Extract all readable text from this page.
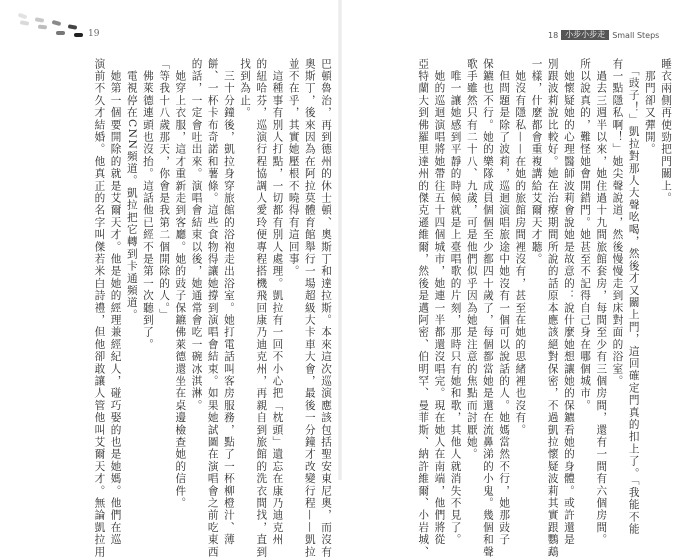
19
巴頓魯治，再到德州的休士頓、奧斯丁和達拉斯。本來這次巡演應該包括聖安東尼奧，而沒有
奧斯丁，後來因為在阿拉莫體育館舉行一場超級大卡車大會，最後一分鐘才改變行程——凱拉
並不在乎，其實她壓根不曉得有這回事。
　這種事有別人打點，一切都有別人處理。凱拉有一回不小心把「枕頭」遺忘在康乃迪克州
的紐哈芬，巡演行程協調人愛玲便專程搭機飛回康乃迪克州，再親自到旅館的洗衣間找，直到
找到為止。
　三十分鐘後，凱拉身穿旅館的浴袍走出浴室。她打電話叫客房服務，點了一杯柳橙汁、薄
餅、一杯卡布奇諾和薯條。這些食物得讓她撐到演唱會結束。如果她試圖在演唱會之前吃東西
的話，一定會吐出來。演唱會結束以後，她通常會吃一碗冰淇淋。
　她穿上衣服，這才重新走到客廳。她的豉子保鑣佛萊德還坐在桌邊檢查她的信件。
「等我十八歲那天，你會是我第二個開除的人。」
　佛萊德連頭也沒抬。這話他已經不是第一次聽到了。
　電視停在CNN頻道。凱拉把它轉到卡通頻道。
　她第一個要開除的就是艾爾天才。他是她的經理兼經紀人，碰巧娶的也是她媽。他們在巡
演前不久才結婚。他真正的名字叫傑若米白詩禮，但他卻敢讓人管他叫艾爾天才。無論凱拉用
18 小步小步走 Small Steps
睡衣兩側再使勁把門關上。
　那門卻又彈開。
　「豉子！」凱拉對那人大聲吆喝，然後才又關上門，這回確定門真的扣上了。「我能不能
有一點隱私啊！」她尖聲說道，然後慢慢走到床對面的浴室。
　過去三週半以來，她住過十九間旅館套房，每間至少有三個房間，還有一間有六個房間。
所以說真的，難怪她會開錯門。她甚至不記得自己身在哪個城市。
　她懷疑她的心理醫師波莉會說她是故意的：說什麼她想讓她的保鑣看她的身體。或許還是
別跟波莉說比較好。她在治療期間所說的話原本應該絕對保密，不過凱拉懷疑波莉其實跟鸚鵡
一樣，什麼都會重複講給艾爾天才聽。
　她沒有隱私——在她的旅館房間裡沒有，甚至在她的思緒裡也沒有。
　但問題是除了波莉，巡迴演唱旅途中她沒有一個可以說話的人。她媽當然不行，她那豉子
保鑣也不行。她的樂隊成員個個至少都四十歲了，每個都當她是還在流鼻涕的小鬼。幾個和聲
歌手雖然只有二十八、九歲，可是他們似乎因為她是注意的焦點而討厭她。
　唯一讓她感到平靜的時候就是上臺唱歌的片刻，那時只有她和歌，其他人就消失不見了。
　她的巡迴演唱將她帶往五十四個城市，她連一半都還沒唱完。現在她人在南端，他們將從
亞特蘭大到佛羅里達州的傑克遜維爾，然後是邁阿密、伯明罕、曼菲斯、納許維爾、小岩城、
